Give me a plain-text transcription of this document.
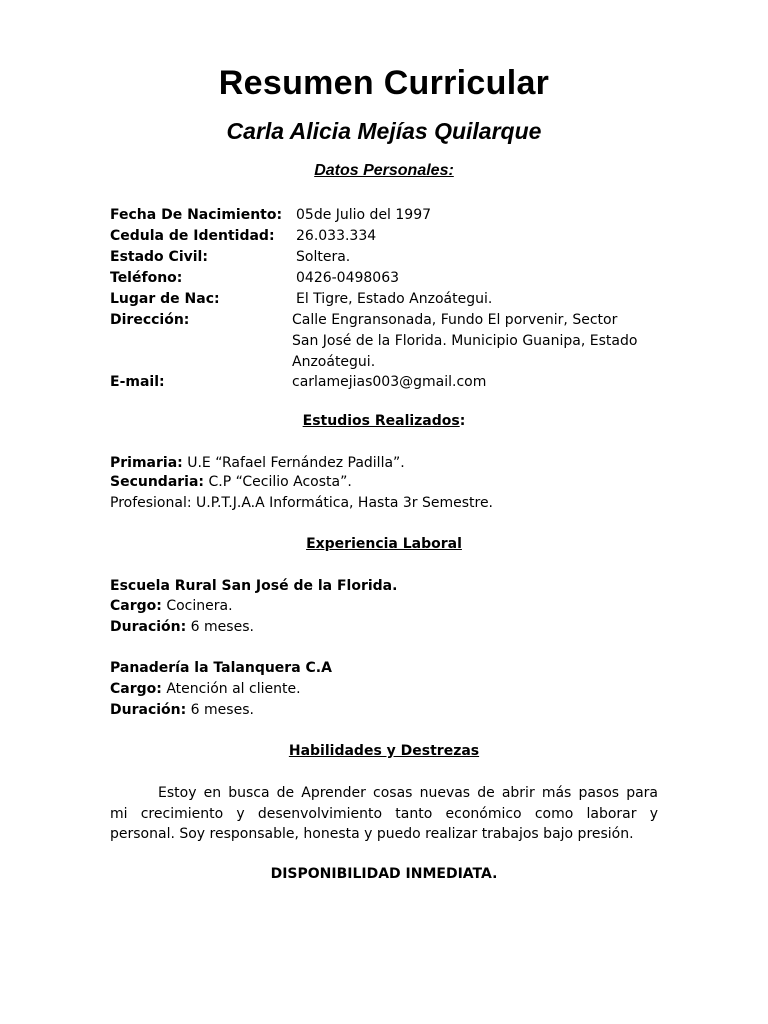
Resumen Curricular
Carla Alicia Mejías Quilarque
Datos Personales:
Fecha De Nacimiento: 05de Julio del 1997
Cedula de Identidad: 26.033.334
Estado Civil:	Soltera.
Teléfono:	0426-0498063
Lugar de Nac:	El Tigre, Estado Anzoátegui.
Dirección:	Calle Engransonada, Fundo El porvenir, Sector
San José de la Florida. Municipio Guanipa, Estado
Anzoátegui.
E-mail:	carlamejias003@gmail.com
Estudios Realizados:
Primaria: U.E “Rafael Fernández Padilla”.
Secundaria: C.P “Cecilio Acosta”.
Profesional: U.P.T.J.A.A Informática, Hasta 3r Semestre.
Experiencia Laboral
Escuela Rural San José de la Florida.
Cargo: Cocinera.
Duración: 6 meses.
Panadería la Talanquera C.A
Cargo: Atención al cliente.
Duración: 6 meses.
Habilidades y Destrezas
Estoy en busca de Aprender cosas nuevas de abrir más pasos para
mi crecimiento y desenvolvimiento tanto económico como laborar y
personal. Soy responsable, honesta y puedo realizar trabajos bajo presión.
DISPONIBILIDAD INMEDIATA.
